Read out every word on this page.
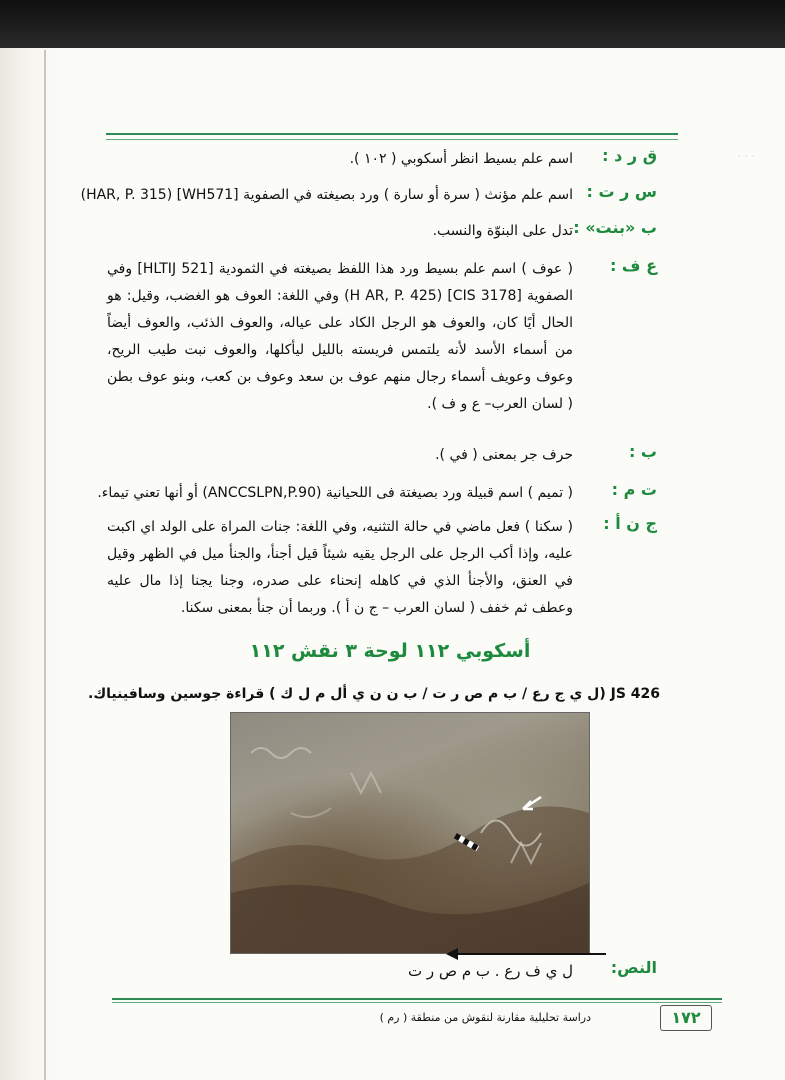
· · ·
ق ر د :
اسم علم بسيط انظر أسكوبي ( ١٠٢ ).
س ر ت :
اسم علم مؤنث ( سرة أو سارة ) ورد بصيغته في الصفوية [WH571] (HAR, P. 315)
ب «بنت» :
تدل على البنوّة والنسب.
ع ف :
( عوف ) اسم علم بسيط ورد هذا اللفظ بصيغته في الثمودية [HLTIJ 521] وفي الصفوية [CIS 3178] (H AR, P. 425) وفي اللغة: العوف هو الغضب، وقيل: هو الحال أيًا كان، والعوف هو الرجل الكاد على عياله، والعوف الذئب، والعوف أيضاً من أسماء الأسد لأنه يلتمس فريسته بالليل ليأكلها، والعوف نبت طيب الريح، وعوف وعويف أسماء رجال منهم عوف بن سعد وعوف بن كعب، وبنو عوف بطن ( لسان العرب– ع و ف ).
ب :
حرف جر بمعنى ( في ).
ت م :
( تميم ) اسم قبيلة ورد بصيغتة فى اللحيانية (ANCCSLPN,P.90) أو أنها تعني تيماء.
ج ن أ :
( سكنا ) فعل ماضي في حالة التثنيه، وفي اللغة: جنات المراة على الولد اي اكبت عليه، وإذا أكب الرجل على الرجل يقيه شيئاً قيل أجنأ، والجنأ ميل في الظهر وقيل في العنق، والأجنأ الذي في كاهله إنحناء على صدره، وجنا يجنا إذا مال عليه وعطف ثم خفف ( لسان العرب – ج ن أ ). وربما أن جنأ بمعنى سكنا.
أسكوبي ١١٢ لوحة ٣ نقش ١١٢
JS 426 (ل ي ج رع / ب م ص ر ت / ب ن ن ي أل م ل ك ) قراءة جوسين وسافينياك.
النص:
ل ي ف رع . ب م ص ر ت
دراسة تحليلية مقارنة لنقوش من منطقة ( رم )	١٧٢
